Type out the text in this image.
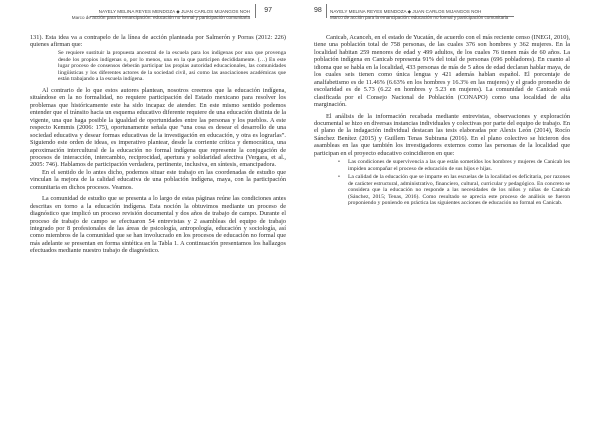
NAYELY MELINA REYES MENDOZA ◆ JUAN CARLOS MIJANGOS NOH
Marco de acción para la emancipación: educación no formal y participación comunitaria
97

131). Esta idea va a contrapelo de la línea de acción planteada por Salmerón y Porras (2012: 226) quienes afirman que:

Se requiere sustituir la propuesta ancestral de la escuela para los indígenas por una que provenga desde los propios indígenas o, por lo menos, una en la que participen decididamente. (…) En este lugar proceso de consensos deberán participar las propias autoridad educacionales, las comunidades lingüísticas y los diferentes actores de la sociedad civil, así como las asociaciones académicas que están trabajando a la escuela indígena.

Al contrario de lo que estos autores plantean, nosotros creemos que la educación indígena, situándose en la no formalidad, no requiere participación del Estado mexicano para resolver los problemas que históricamente este ha sido incapaz de atender. En este mismo sentido podemos entender que el tránsito hacia un esquema educativo diferente requiere de una educación distinta de la vigente, una que haga posible la igualdad de oportunidades entre las personas y los pueblos. A este respecto Kemmis (2006: 175), oportunamente señala que “una cosa es desear el desarrollo de una sociedad educativa y desear formas educativas de la investigación en educación, y otra es lograrlas”. Siguiendo este orden de ideas, es imperativo plantear, desde la corriente crítica y democrática, una aproximación intercultural de la educación no formal indígena que represente la conjugación de procesos de interacción, intercambio, reciprocidad, apertura y solidaridad afectiva (Vergara, et al., 2005: 746). Hablamos de participación verdadera, pertinente, inclusiva, en síntesis, emancipadora.

En el sentido de lo antes dicho, podemos situar este trabajo en las coordenadas de estudio que vinculan la mejora de la calidad educativa de una población indígena, maya, con la participación comunitaria en dichos procesos. Veamos.

La comunidad de estudio que se presenta a lo largo de estas páginas reúne las condiciones antes descritas en torno a la educación indígena. Esta noción la obtuvimos mediante un proceso de diagnóstico que implicó un proceso revisión documental y dos años de trabajo de campo. Durante el proceso de trabajo de campo se efectuaron 54 entrevistas y 2 asambleas del equipo de trabajo integrado por 8 profesionales de las áreas de psicología, antropología, educación y sociología, así como miembros de la comunidad que se han involucrado en los procesos de educación no formal que más adelante se presentan en forma sintética en la Tabla 1. A continuación presentamos los hallazgos efectuados mediante nuestro trabajo de diagnóstico.

98 NAYELY MELINA REYES MENDOZA ◆ JUAN CARLOS MIJANGOS NOH
Marco de acción para la emancipación: educación no formal y participación comunitaria

Canicab, Acanceh, en el estado de Yucatán, de acuerdo con el más reciente censo (INEGI, 2010), tiene una población total de 758 personas, de las cuales 376 son hombres y 362 mujeres. En la localidad habitan 259 menores de edad y 499 adultos, de los cuales 76 tienen más de 60 años. La población indígena en Canicab representa 91% del total de personas (696 pobladores). En cuanto al idioma que se habla en la localidad, 433 personas de más de 5 años de edad declaran hablar maya, de los cuales seis tienen como única lengua y 421 además hablan español. El porcentaje de analfabetismo es de 11.46% (6.63% en los hombres y 16.3% en las mujeres) y el grado promedio de escolaridad es de 5.73 (6.22 en hombres y 5.23 en mujeres). La comunidad de Canicab está clasificada por el Consejo Nacional de Población (CONAPO) como una localidad de alta marginación.

El análisis de la información recabada mediante entrevistas, observaciones y exploración documental se hizo en diversas instancias individuales y colectivas por parte del equipo de trabajo. En el plano de la indagación individual destacan las tesis elaboradas por Alexis León (2014), Rocío Sánchez Benítez (2015) y Guillem Tenas Subirana (2016). En el plano colectivo se hicieron dos asambleas en las que también los investigadores externos como las personas de la localidad que participan en el proyecto educativo coincidieron en que:

• Las condiciones de supervivencia a las que están sometidos los hombres y mujeres de Canicab les impiden acompañar el proceso de educación de sus hijos e hijas.
• La calidad de la educación que se imparte en las escuelas de la localidad es deficitaria, por razones de carácter estructural, administrativo, financiero, cultural, curricular y pedagógico. En concreto se considera que la educación no responde a las necesidades de los niños y niñas de Canicab (Sánchez, 2015; Tenas, 2016). Como resultado se aprecia este proceso de análisis se fueron proponiendo y poniendo en práctica las siguientes acciones de educación no formal en Canicab.
